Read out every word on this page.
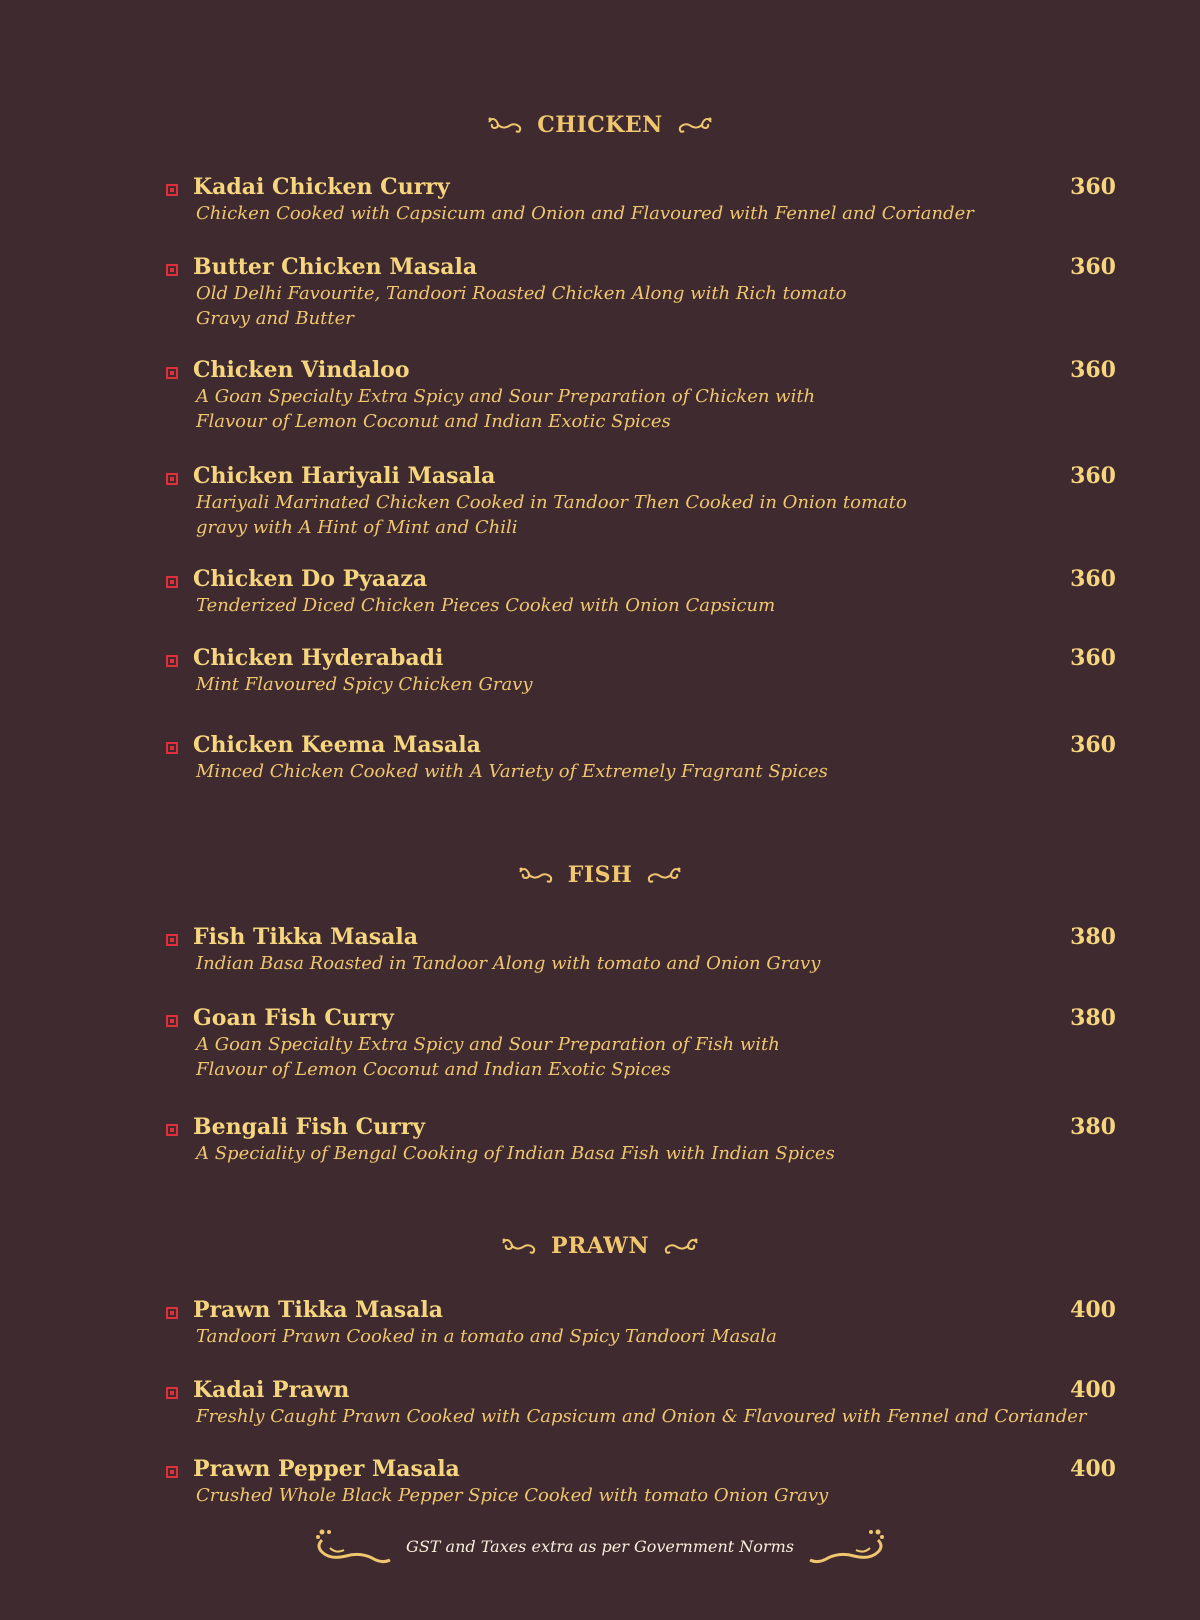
CHICKEN
Kadai Chicken Curry	360
Chicken Cooked with Capsicum and Onion and Flavoured with Fennel and Coriander
Butter Chicken Masala	360
Old Delhi Favourite, Tandoori Roasted Chicken Along with Rich tomato
Gravy and Butter
Chicken Vindaloo	360
A Goan Specialty Extra Spicy and Sour Preparation of Chicken with
Flavour of Lemon Coconut and Indian Exotic Spices
Chicken Hariyali Masala	360
Hariyali Marinated Chicken Cooked in Tandoor Then Cooked in Onion tomato
gravy with A Hint of Mint and Chili
Chicken Do Pyaaza	360
Tenderized Diced Chicken Pieces Cooked with Onion Capsicum
Chicken Hyderabadi	360
Mint Flavoured Spicy Chicken Gravy
Chicken Keema Masala	360
Minced Chicken Cooked with A Variety of Extremely Fragrant Spices
FISH
Fish Tikka Masala	380
Indian Basa Roasted in Tandoor Along with tomato and Onion Gravy
Goan Fish Curry	380
A Goan Specialty Extra Spicy and Sour Preparation of Fish with
Flavour of Lemon Coconut and Indian Exotic Spices
Bengali Fish Curry	380
A Speciality of Bengal Cooking of Indian Basa Fish with Indian Spices
PRAWN
Prawn Tikka Masala	400
Tandoori Prawn Cooked in a tomato and Spicy Tandoori Masala
Kadai Prawn	400
Freshly Caught Prawn Cooked with Capsicum and Onion & Flavoured with Fennel and Coriander
Prawn Pepper Masala	400
Crushed Whole Black Pepper Spice Cooked with tomato Onion Gravy
GST and Taxes extra as per Government Norms
